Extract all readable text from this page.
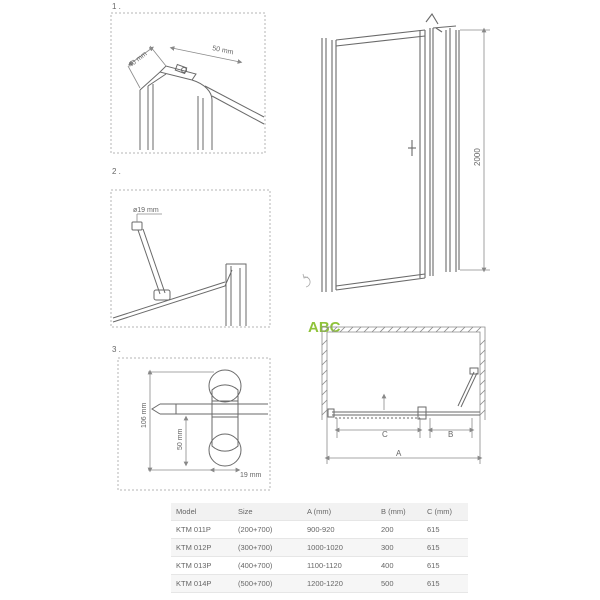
1 .
40 mm	50 mm
2 .
ø19 mm
3 .
106 mm
50 mm
19 mm
2000
ABC
C	B
A
Model	Size	A (mm)	B (mm)	C (mm)
KTM 011P	(200+700)	900-920	200	615
KTM 012P	(300+700)	1000-1020	300	615
KTM 013P	(400+700)	1100-1120	400	615
KTM 014P	(500+700)	1200-1220	500	615
